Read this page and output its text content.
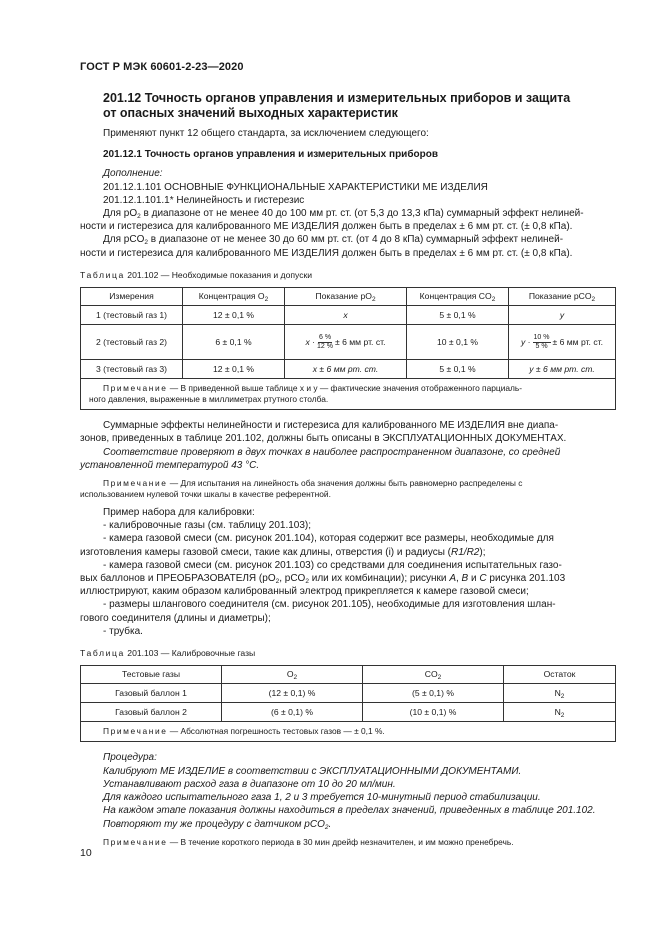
ГОСТ Р МЭК 60601-2-23—2020
201.12 Точность органов управления и измерительных приборов и защита
от опасных значений выходных характеристик

Применяют пункт 12 общего стандарта, за исключением следующего:

201.12.1 Точность органов управления и измерительных приборов

Дополнение:

201.12.1.101 ОСНОВНЫЕ ФУНКЦИОНАЛЬНЫЕ ХАРАКТЕРИСТИКИ МЕ ИЗДЕЛИЯ

201.12.1.101.1* Нелинейность и гистерезис

Для $pO_2$ в диапазоне от не менее 40 до 100 мм рт. ст. (от 5,3 до 13,3 кПа) суммарный эффект нелиней-

ности и гистерезиса для калиброванного МЕ ИЗДЕЛИЯ должен быть в пределах ± 6 мм рт. ст. (± 0,8 кПа).

Для pCO$_2$ в диапазоне от не менее 30 до 60 мм рт. ст. (от 4 до 8 кПа) суммарный эффект нелиней-

ности и гистерезиса для калиброванного МЕ ИЗДЕЛИЯ должен быть в пределах ± 6 мм рт. ст. (± 0,8 кПа).

Таблица 201.102 — Необходимые показания и допуски
Измерения	Концентрация $O_2$	Показание $pO_2$	Концентрация $CO_2$	Показание pCO$_2$
1 (тестовый газ 1)	12 ± 0,1 %	x	5 ± 0,1 %	y
2 (тестовый газ 2)	6 ± 0,1 %	$x \cdot \frac{6 \%}{12 \%} \pm 6$ мм рт. ст.	10 ± 0,1 %	$y \cdot \frac{10 \%}{5 \%} \pm 6$ мм рт. ст.
3 (тестовый газ 3)	12 ± 0,1 %	x ± 6 мм рт. ст.	5 ± 0,1 %	y ± 6 мм рт. ст.

Примечание — В приведенной выше таблице x и y — фактические значения отображенного парциаль-
ного давления, выраженные в миллиметрах ртутного столба.				

Суммарные эффекты нелинейности и гистерезиса для калиброванного МЕ ИЗДЕЛИЯ вне диапа-

зонов, приведенных в таблице 201.102, должны быть описаны в ЭКСПЛУАТАЦИОННЫХ ДОКУМЕНТАХ.

Соответствие проверяют в двух точках в наиболее распространенном диапазоне, со средней

установленной температурой 43 °C.

Примечание — Для испытания на линейность оба значения должны быть равномерно распределены с

использованием нулевой точки шкалы в качестве референтной.

Пример набора для калибровки:

- калибровочные газы (см. таблицу 201.103);

- камера газовой смеси (см. рисунок 201.104), которая содержит все размеры, необходимые для

изготовления камеры газовой смеси, такие как длины, отверстия (i) и радиусы (R1/R2);

- камера газовой смеси (см. рисунок 201.103) со средствами для соединения испытательных газо-

вых баллонов и ПРЕОБРАЗОВАТЕЛЯ ($pO_2$, pCO$_2$ или их комбинации); рисунки A, B и C рисунка 201.103

иллюстрируют, каким образом калиброванный электрод прикрепляется к камере газовой смеси;

- размеры шлангового соединителя (см. рисунок 201.105), необходимые для изготовления шлан-

гового соединителя (длины и диаметры);

- трубка.

Таблица 201.103 — Калибровочные газы
Тестовые газы	$O_2$	$CO_2$	Остаток
Газовый баллон 1	(12 ± 0,1) %	(5 ± 0,1) %	$N_2$
Газовый баллон 2	(6 ± 0,1) %	(10 ± 0,1) %	$N_2$

Примечание — Абсолютная погрешность тестовых газов — ± 0,1 %.			

Процедура:

Калибруют МЕ ИЗДЕЛИЕ в соответствии с ЭКСПЛУАТАЦИОННЫМИ ДОКУМЕНТАМИ.

Устанавливают расход газа в диапазоне от 10 до 20 мл/мин.

Для каждого испытательного газа 1, 2 и 3 требуется 10-минутный период стабилизации.

На каждом этапе показания должны находиться в пределах значений, приведенных в таблице 201.102.

Повторяют ту же процедуру с датчиком pCO$_2$.

Примечание — В течение короткого периода в 30 мин дрейф незначителен, и им можно пренебречь.

10
